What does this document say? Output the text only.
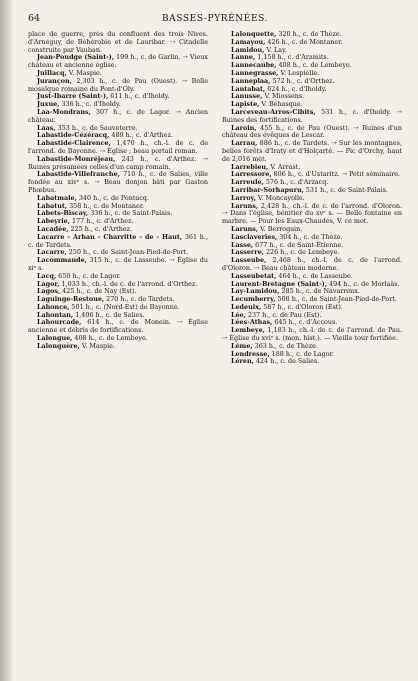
64	BASSES-PYRÉNÉES.

place de guerre, près du confluent des trois Nives. d'Arnéguy, de Béhérobie et de Lauribar. ⇢ Citadelle construite par Vauban.

Jean-Poudge (Saint-), 199 h., c. de Garlin. ⇢ Vieux château et ancienne église.

Juillacq, V. Maspie.

Jurançon, 2,303 h., c. de Pau (Ouest). ⇢ Belle mosaïque romaine du Pont-d'Oly.

Just-Ibarre (Saint-), 611 h., c. d'Iholdy.

Juxue, 336 h., c. d'Iholdy.

Laa-Mondrans, 307 h., c. de Lagor. ⇢ Ancien château.

Laas, 353 h., c. de Sauveterre.

Labastide-Cézéracq, 489 h., c. d'Arthez.

Labastide-Clairence, 1,470 h., ch.-l. de c. de l'arrond. de Bayonne. ⇢ Église ; beau portail roman.

Labastide-Monréjeau, 243 h., c. d'Arthez. ⇢ Ruines présumées celles d'un camp romain.

Labastide-Villefranche, 710 h., c. de Salies, ville fondée au xivᵉ s. ⇢ Beau donjon bâti par Gaston Phœbus.

Labatmale, 340 h., c. de Pontacq.

Labatut, 358 h., c. de Montaner.

Labets-Biscay, 336 h., c. de Saint-Palais.

Labeyrie, 177 h., c. d'Arthez.

Lacadée, 225 h., c. d'Arthez.

Lacarre - Arhan - Charritte - de - Haut, 361 h., c. de Tardets.

Lacarre, 250 h., c. de Saint-Jean-Pied-de-Port.

Lacommande, 315 h., c. de Lasseube. ⇢ Église du xiᵉ s.

Lacq, 650 h., c. de Lagor.

Lagor, 1,033 h., ch.-l. de c. de l'arrond. d'Orthez.

Lagos, 425 h., c. de Nay (Est).

Laguinge-Restoue, 270 h., c. de Tardets.

Lahonce, 501 h., c. (Nord-Est) de Bayonne.

Lahontan, 1,406 h., c. de Salies.

Lahourcade, 614 h., c. de Monein. ⇢ Église ancienne et débris de fortifications.

Lalongue, 408 h., c. de Lembeye.

Lalonquère, V. Maspie.

Lalonquette, 320 h., c. de Thèze.

Lamayou, 426 h., c. de Montaner.

Lamidou, V. Lay.

Lanne, 1,158 h., c. d'Aramits.

Lannecaube, 408 h., c. de Lembeye.

Lannegrasse, V. Lespielle.

Lanneplaa, 572 h., c. d'Orthez.

Lantabat, 624 h., c. d'Iholdy.

Lanusse, V. Miossens.

Lapiste, V. Béhasque.

Larceveau-Arros-Cibits, 531 h., c. d'Iholdy. ⇢ Ruines des fortifications.

Laroin, 455 h., c. de Pau (Ouest). ⇢ Ruines d'un château des évêques de Lescar.

Larrau, 886 h., c. de Tardets. ⇢ Sur les montagnes, belles forêts d'Iraty et d'Holçarté. — Pic d'Orchy, haut de 2,016 mèt.

Larrebieu, V. Arrast.

Larressore, 806 h., c. d'Ustaritz. ⇢ Petit séminaire.

Larreule, 576 h., c. d'Arzacq.

Larribar-Sorhapuru, 531 h., c. de Saint-Palais.

Larroy, V. Moncayolle.

Laruns, 2,428 h., ch.-l. de c. de l'arrond. d'Oloron. ⇢ Dans l'église, bénitier du xvᵉ s. — Belle fontaine en marbre. — Pour les Eaux-Chaudes, V. ce mot.

Laruns, V. Berrogain.

Lasclaveries, 304 h., c. de Thèze.

Lasse, 677 h., c. de Saint-Étienne.

Lasserre, 226 h., c. de Lembeye.

Lasseube, 2,468 h., ch.-l. de c. de l'arrond. d'Oloron. ⇢ Beau château moderne.

Lasseubetat, 464 h., c. de Lasseube.

Laurent-Bretagne (Saint-), 494 h., c. de Morlaàs.

Lay-Lamidou, 285 h., c. de Navarrenx.

Lecumberry, 508 h., c. de Saint-Jean-Pied-de-Port.

Ledeuix, 587 h., c. d'Oloron (Est).

Lée, 237 h., c. de Pau (Est).

Lées-Athas, 645 h., c. d'Accous.

Lembeye, 1,183 h., ch.-l. de c. de l'arrond. de Pau. ⇢ Église du xviᵉ s. (mon. hist.). — Vieille tour fortifiée.

Lème, 363 h., c. de Thèze.

Lendresse, 188 h., c. de Lagor.

Léren, 424 h., c. de Salies.
